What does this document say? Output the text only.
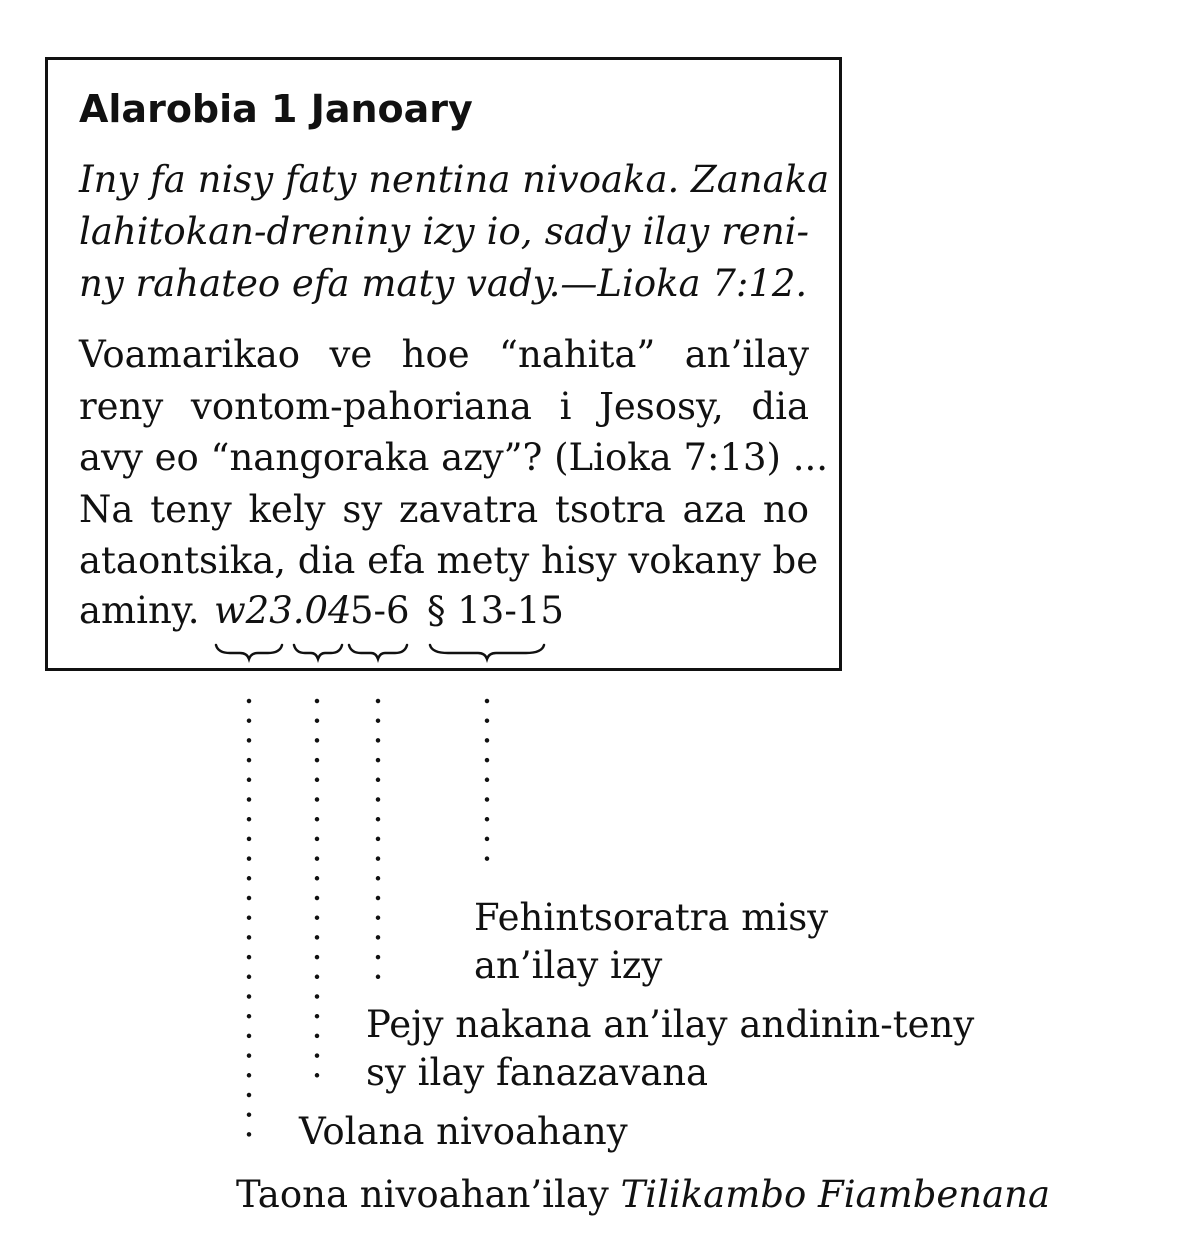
Alarobia 1 Janoary
Iny fa nisy faty nentina nivoaka. Zanaka
lahitokan-dreniny izy io, sady ilay reni-
ny rahateo efa maty vady.—Lioka 7:12.
Voamarikao ve hoe “nahita” an’ilay
reny vontom-pahoriana i Jesosy, dia
avy eo “nangoraka azy”? (Lioka 7:13) ...
Na teny kely sy zavatra tsotra aza no
ataontsika, dia efa mety hisy vokany be
aminy. w23.04
5-6 § 13-15
Fehintsoratra misy
an’ilay izy
Pejy nakana an’ilay andinin-teny
sy ilay fanazavana
Volana nivoahany
Taona nivoahan’ilay Tilikambo Fiambenana
